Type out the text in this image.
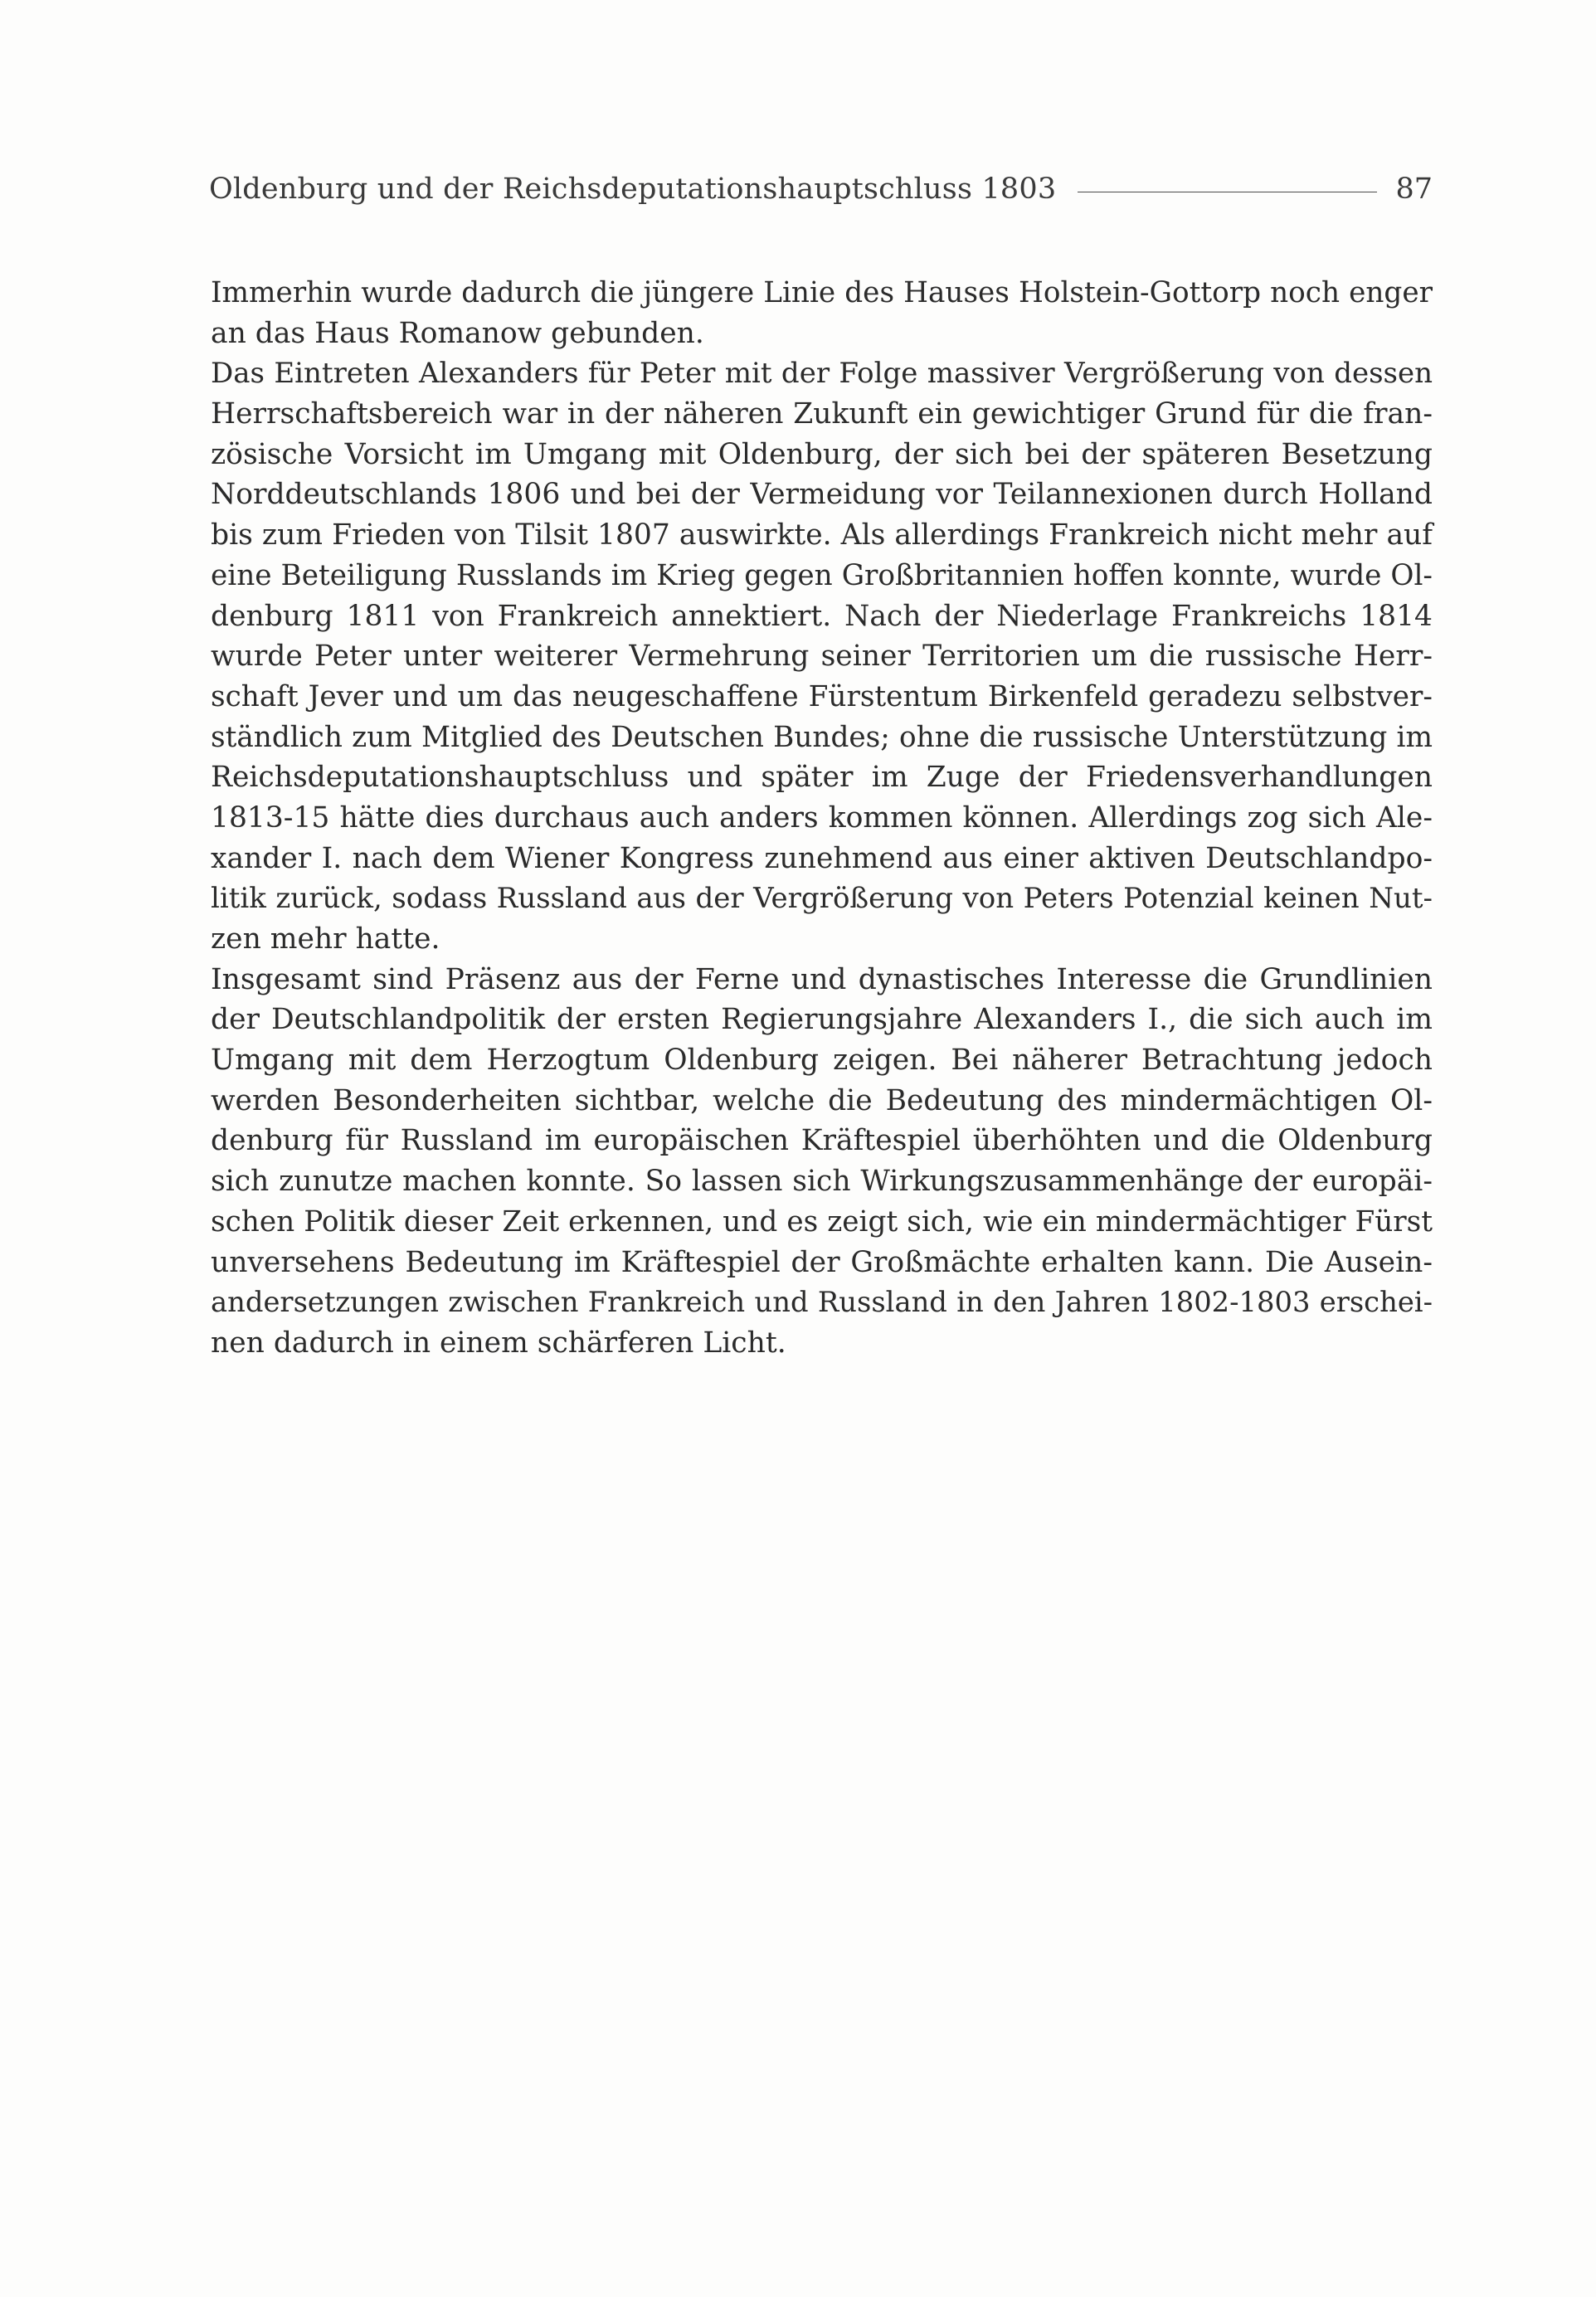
Oldenburg und der Reichsdeputationshauptschluss 1803	87
Immerhin wurde dadurch die jüngere Linie des Hauses Holstein-Gottorp noch enger
an das Haus Romanow gebunden.
Das Eintreten Alexanders für Peter mit der Folge massiver Vergrößerung von dessen
Herrschaftsbereich war in der näheren Zukunft ein gewichtiger Grund für die fran-
zösische Vorsicht im Umgang mit Oldenburg, der sich bei der späteren Besetzung
Norddeutschlands 1806 und bei der Vermeidung vor Teilannexionen durch Holland
bis zum Frieden von Tilsit 1807 auswirkte. Als allerdings Frankreich nicht mehr auf
eine Beteiligung Russlands im Krieg gegen Großbritannien hoffen konnte, wurde Ol-
denburg 1811 von Frankreich annektiert. Nach der Niederlage Frankreichs 1814
wurde Peter unter weiterer Vermehrung seiner Territorien um die russische Herr-
schaft Jever und um das neugeschaffene Fürstentum Birkenfeld geradezu selbstver-
ständlich zum Mitglied des Deutschen Bundes; ohne die russische Unterstützung im
Reichsdeputationshauptschluss und später im Zuge der Friedensverhandlungen
1813-15 hätte dies durchaus auch anders kommen können. Allerdings zog sich Ale-
xander I. nach dem Wiener Kongress zunehmend aus einer aktiven Deutschlandpo-
litik zurück, sodass Russland aus der Vergrößerung von Peters Potenzial keinen Nut-
zen mehr hatte.
Insgesamt sind Präsenz aus der Ferne und dynastisches Interesse die Grundlinien
der Deutschlandpolitik der ersten Regierungsjahre Alexanders I., die sich auch im
Umgang mit dem Herzogtum Oldenburg zeigen. Bei näherer Betrachtung jedoch
werden Besonderheiten sichtbar, welche die Bedeutung des mindermächtigen Ol-
denburg für Russland im europäischen Kräftespiel überhöhten und die Oldenburg
sich zunutze machen konnte. So lassen sich Wirkungszusammenhänge der europäi-
schen Politik dieser Zeit erkennen, und es zeigt sich, wie ein mindermächtiger Fürst
unversehens Bedeutung im Kräftespiel der Großmächte erhalten kann. Die Ausein-
andersetzungen zwischen Frankreich und Russland in den Jahren 1802-1803 erschei-
nen dadurch in einem schärferen Licht.
